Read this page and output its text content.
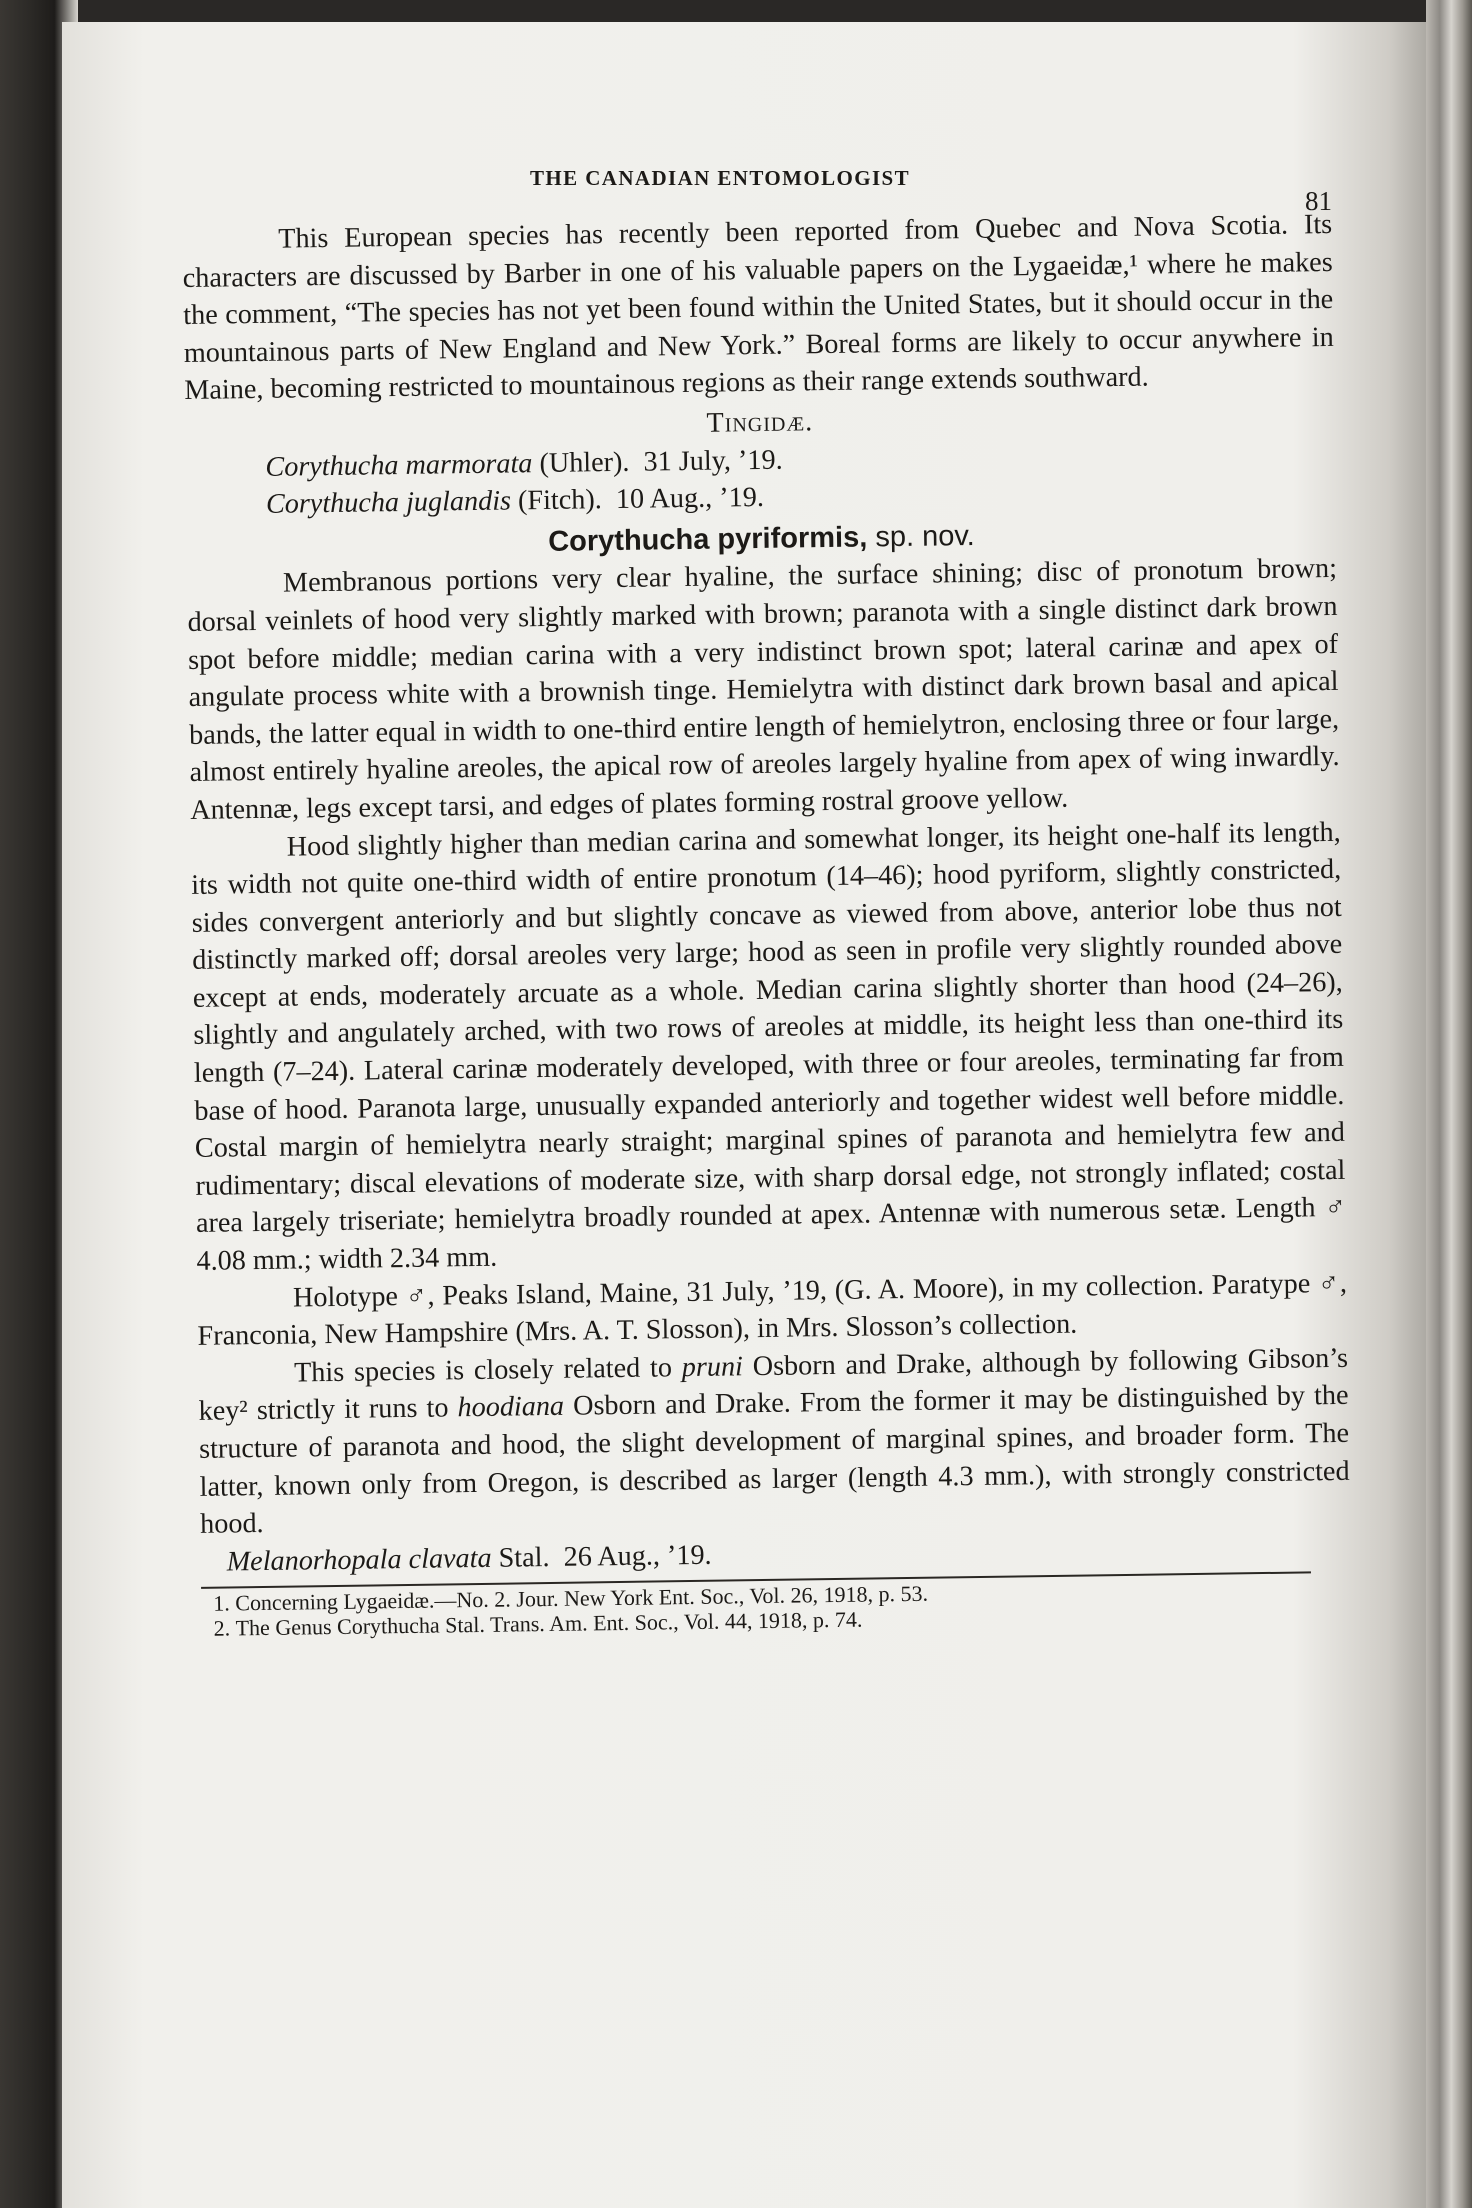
THE CANADIAN ENTOMOLOGIST
81

This European species has recently been reported from Quebec and Nova Scotia. Its characters are discussed by Barber in one of his valuable papers on the Lygaeidæ,¹ where he makes the comment, “The species has not yet been found within the United States, but it should occur in the mountainous parts of New England and New York.” Boreal forms are likely to occur anywhere in Maine, becoming restricted to mountainous regions as their range extends southward.

Tingidæ.

Corythucha marmorata (Uhler). 31 July, ’19.

Corythucha juglandis (Fitch). 10 Aug., ’19.

Corythucha pyriformis, sp. nov.

Membranous portions very clear hyaline, the surface shining; disc of pronotum brown; dorsal veinlets of hood very slightly marked with brown; paranota with a single distinct dark brown spot before middle; median carina with a very indistinct brown spot; lateral carinæ and apex of angulate process white with a brownish tinge. Hemielytra with distinct dark brown basal and apical bands, the latter equal in width to one-third entire length of hemielytron, enclosing three or four large, almost entirely hyaline areoles, the apical row of areoles largely hyaline from apex of wing inwardly. Antennæ, legs except tarsi, and edges of plates forming rostral groove yellow.

Hood slightly higher than median carina and somewhat longer, its height one-half its length, its width not quite one-third width of entire pronotum (14–46); hood pyriform, slightly constricted, sides convergent anteriorly and but slightly concave as viewed from above, anterior lobe thus not distinctly marked off; dorsal areoles very large; hood as seen in profile very slightly rounded above except at ends, moderately arcuate as a whole. Median carina slightly shorter than hood (24–26), slightly and angulately arched, with two rows of areoles at middle, its height less than one-third its length (7–24). Lateral carinæ moderately developed, with three or four areoles, terminating far from base of hood. Paranota large, unusually expanded anteriorly and together widest well before middle. Costal margin of hemielytra nearly straight; marginal spines of paranota and hemielytra few and rudimentary; discal elevations of moderate size, with sharp dorsal edge, not strongly inflated; costal area largely triseriate; hemielytra broadly rounded at apex. Antennæ with numerous setæ. Length ♂ 4.08 mm.; width 2.34 mm.

Holotype ♂, Peaks Island, Maine, 31 July, ’19, (G. A. Moore), in my collection. Paratype ♂, Franconia, New Hampshire (Mrs. A. T. Slosson), in Mrs. Slosson’s collection.

This species is closely related to pruni Osborn and Drake, although by following Gibson’s key² strictly it runs to hoodiana Osborn and Drake. From the former it may be distinguished by the structure of paranota and hood, the slight development of marginal spines, and broader form. The latter, known only from Oregon, is described as larger (length 4.3 mm.), with strongly constricted hood.

Melanorhopala clavata Stal. 26 Aug., ’19.

1. Concerning Lygaeidæ.—No. 2. Jour. New York Ent. Soc., Vol. 26, 1918, p. 53.
2. The Genus Corythucha Stal. Trans. Am. Ent. Soc., Vol. 44, 1918, p. 74.
